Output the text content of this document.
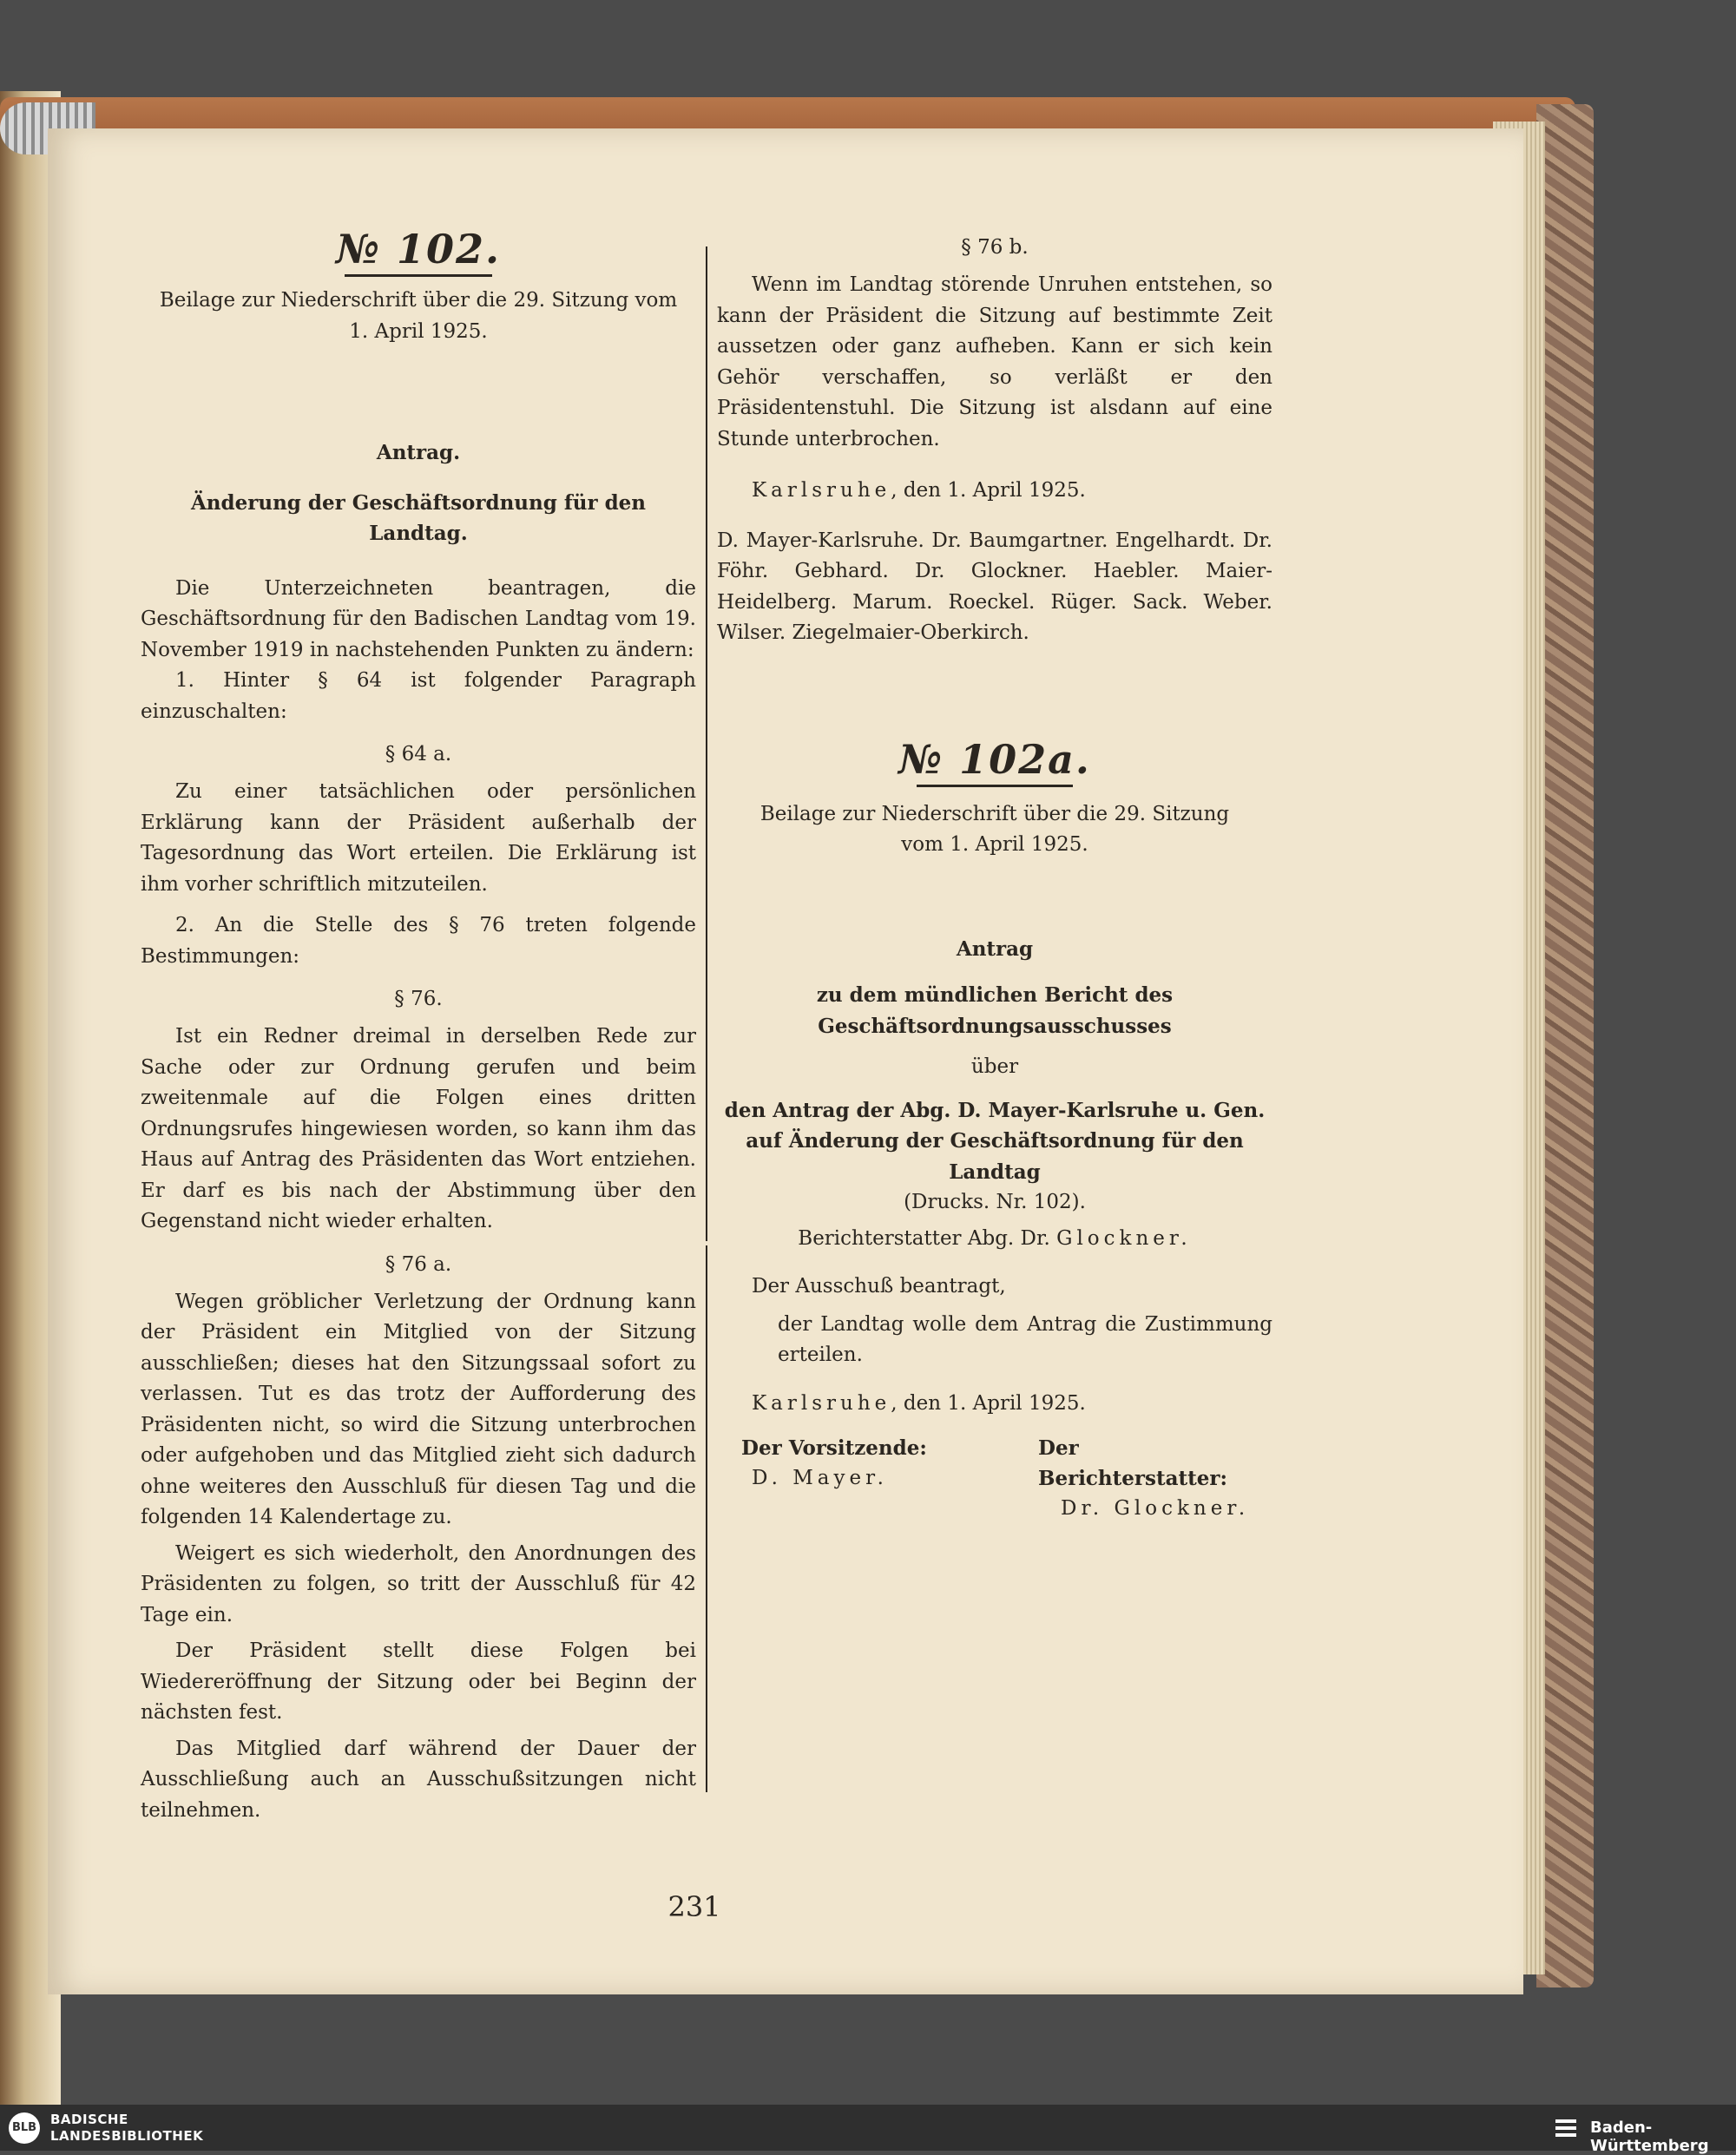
№ 102.

Beilage zur Niederschrift über die 29. Sitzung vom 1. April 1925.

Antrag.

Änderung der Geschäftsordnung für den Landtag.

Die Unterzeichneten beantragen, die Geschäftsordnung für den Badischen Landtag vom 19. November 1919 in nachstehenden Punkten zu ändern:

1. Hinter § 64 ist folgender Paragraph einzuschalten:

§ 64 a.

Zu einer tatsächlichen oder persönlichen Erklärung kann der Präsident außerhalb der Tagesordnung das Wort erteilen. Die Erklärung ist ihm vorher schriftlich mitzuteilen.

2. An die Stelle des § 76 treten folgende Bestimmungen:

§ 76.

Ist ein Redner dreimal in derselben Rede zur Sache oder zur Ordnung gerufen und beim zweitenmale auf die Folgen eines dritten Ordnungsrufes hingewiesen worden, so kann ihm das Haus auf Antrag des Präsidenten das Wort entziehen. Er darf es bis nach der Abstimmung über den Gegenstand nicht wieder erhalten.

§ 76 a.

Wegen gröblicher Verletzung der Ordnung kann der Präsident ein Mitglied von der Sitzung ausschließen; dieses hat den Sitzungssaal sofort zu verlassen. Tut es das trotz der Aufforderung des Präsidenten nicht, so wird die Sitzung unterbrochen oder aufgehoben und das Mitglied zieht sich dadurch ohne weiteres den Ausschluß für diesen Tag und die folgenden 14 Kalendertage zu.

Weigert es sich wiederholt, den Anordnungen des Präsidenten zu folgen, so tritt der Ausschluß für 42 Tage ein.

Der Präsident stellt diese Folgen bei Wiedereröffnung der Sitzung oder bei Beginn der nächsten fest.

Das Mitglied darf während der Dauer der Ausschließung auch an Ausschußsitzungen nicht teilnehmen.

§ 76 b.

Wenn im Landtag störende Unruhen entstehen, so kann der Präsident die Sitzung auf bestimmte Zeit aussetzen oder ganz aufheben. Kann er sich kein Gehör verschaffen, so verläßt er den Präsidentenstuhl. Die Sitzung ist alsdann auf eine Stunde unterbrochen.

Karlsruhe, den 1. April 1925.

D. Mayer-Karlsruhe. Dr. Baumgartner. Engelhardt. Dr. Föhr. Gebhard. Dr. Glockner. Haebler. Maier-Heidelberg. Marum. Roeckel. Rüger. Sack. Weber. Wilser. Ziegelmaier-Oberkirch.

№ 102a.

Beilage zur Niederschrift über die 29. Sitzung vom 1. April 1925.

Antrag

zu dem mündlichen Bericht des Geschäftsordnungsausschusses

über

den Antrag der Abg. D. Mayer-Karlsruhe u. Gen. auf Änderung der Geschäftsordnung für den Landtag

(Drucks. Nr. 102).

Berichterstatter Abg. Dr. Glockner.

Der Ausschuß beantragt,

der Landtag wolle dem Antrag die Zustimmung erteilen.

Karlsruhe, den 1. April 1925.

Der Vorsitzende:
D. Mayer.
Der Berichterstatter:
Dr. Glockner.
231
BLB
BADISCHE
LANDESBIBLIOTHEK	Baden-Württemberg
